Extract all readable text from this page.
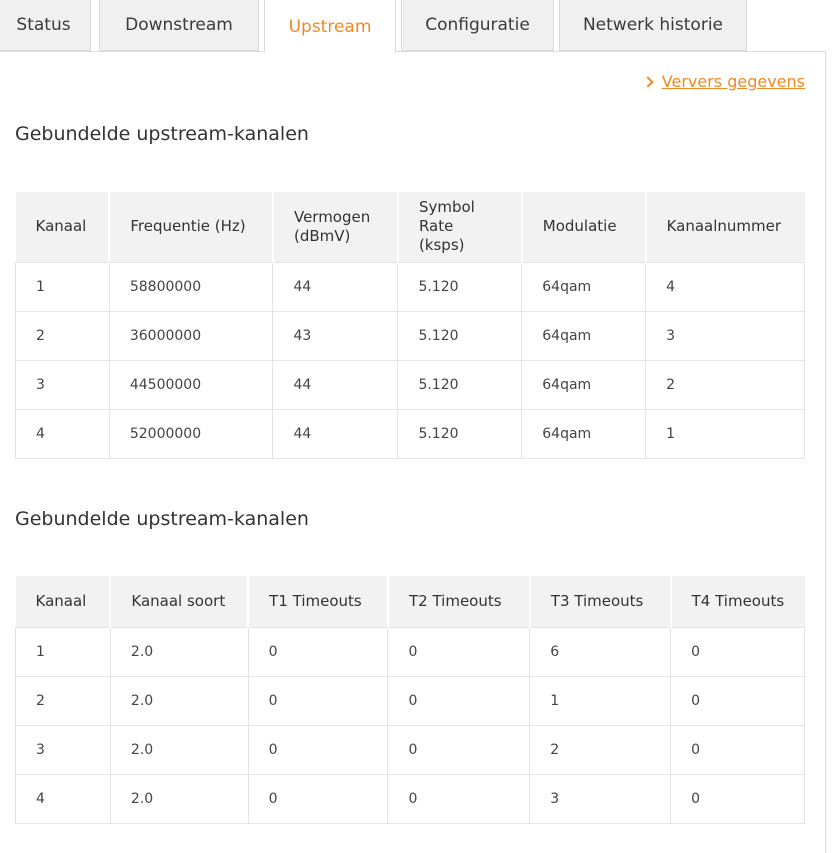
Status	Downstream	Upstream	Configuratie	Netwerk historie
Ververs gegevens
Gebundelde upstream-kanalen
Kanaal	Frequentie (Hz)	Vermogen (dBmV)	Symbol Rate (ksps)	Modulatie	Kanaalnummer
1	58800000	44	5.120	64qam	4
2	36000000	43	5.120	64qam	3
3	44500000	44	5.120	64qam	2
4	52000000	44	5.120	64qam	1
Gebundelde upstream-kanalen
Kanaal	Kanaal soort	T1 Timeouts	T2 Timeouts	T3 Timeouts	T4 Timeouts
1	2.0	0	0	6	0
2	2.0	0	0	1	0
3	2.0	0	0	2	0
4	2.0	0	0	3	0
